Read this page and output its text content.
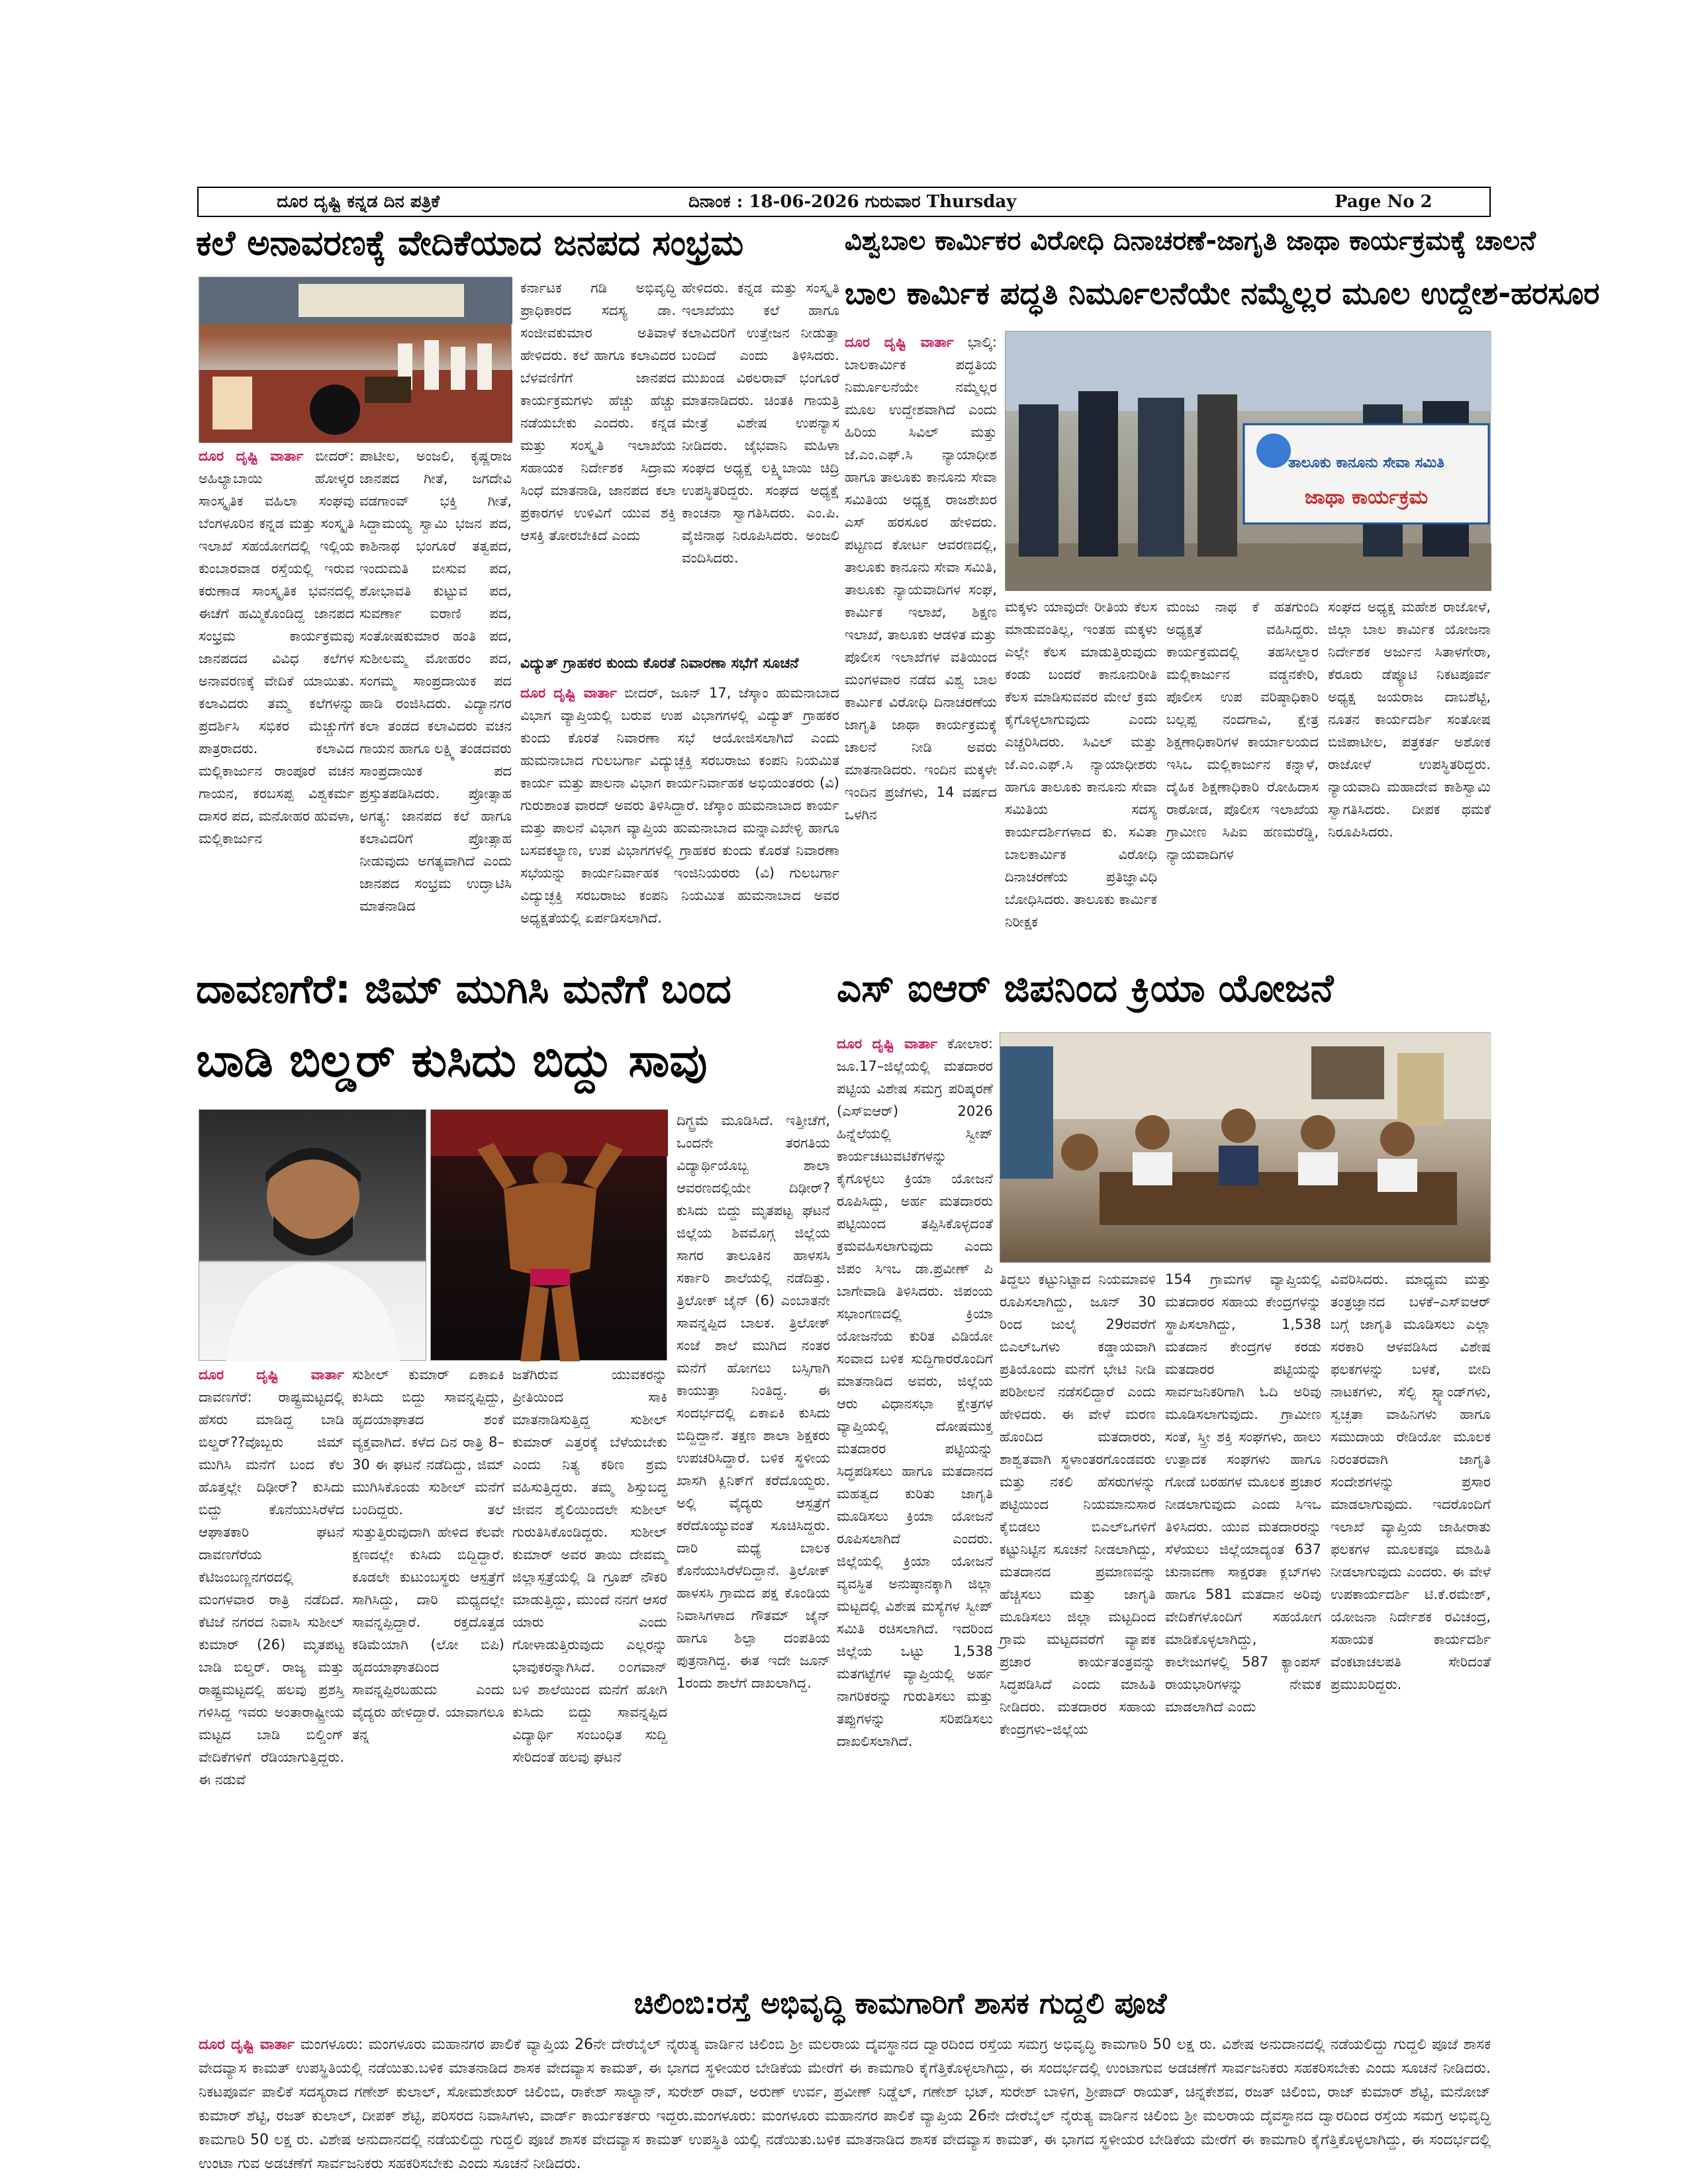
ದೂರ ದೃಷ್ಟಿ ಕನ್ನಡ ದಿನ ಪತ್ರಿಕೆ	ದಿನಾಂಕ : 18-06-2026 ಗುರುವಾರ Thursday	Page No 2
ಕಲೆ ಅನಾವರಣಕ್ಕೆ ವೇದಿಕೆಯಾದ ಜನಪದ ಸಂಭ್ರಮ
ದೂರ ದೃಷ್ಟಿ ವಾರ್ತಾ ಬೀದರ್: ಅಹಿಲ್ಯಾಬಾಯಿ ಹೋಳ್ಕರ ಸಾಂಸ್ಕೃತಿಕ ವಹಿಲಾ ಸಂಘವು ಬೆಂಗಳೂರಿನ ಕನ್ನಡ ಮತ್ತು ಸಂಸ್ಕೃತಿ ಇಲಾಖೆ ಸಹಯೋಗದಲ್ಲಿ ಇಲ್ಲಿಯ ಕುಂಬಾರವಾಡ ರಸ್ತೆಯಲ್ಲಿ ಇರುವ ಕರುಣಾಡ ಸಾಂಸ್ಕೃತಿಕ ಭವನದಲ್ಲಿ ಈಚೆಗೆ ಹಮ್ಮಿಕೊಂಡಿದ್ದ ಜಾನಪದ ಸಂಭ್ರಮ ಕಾರ್ಯಕ್ರಮವು ಜಾನಪದದ ವಿವಿಧ ಕಲೆಗಳ ಅನಾವರಣಕ್ಕೆ ವೇದಿಕೆ ಯಾಯಿತು. ಕಲಾವಿದರು ತಮ್ಮ ಕಲೆಗಳನ್ನು ಪ್ರದರ್ಶಿಸಿ ಸಭಿಕರ ಮೆಚ್ಚುಗೆಗೆ ಪಾತ್ರರಾದರು. ಕಲಾವಿದ ಮಲ್ಲಿಕಾರ್ಜುನ ರಾಂಪೂರೆ ವಚನ ಗಾಯನ, ಕರಬಸಪ್ಪ ವಿಶ್ವಕರ್ಮ ದಾಸರ ಪದ, ಮನೋಹರ ಹುವಳಾ, ಮಲ್ಲಿಕಾರ್ಜುನ
ಪಾಟೀಲ, ಅಂಜಲಿ, ಕೃಷ್ಣರಾಜ ಜಾನಪದ ಗೀತೆ, ಜಗದೇವಿ ವಡಗಾಂವ್ ಭಕ್ತಿ ಗೀತೆ, ಸಿದ್ದಾಮಯ್ಯ ಸ್ವಾಮಿ ಭಜನ ಪದ, ಕಾಶಿನಾಥ ಭಂಗೂರೆ ತತ್ವಪದ, ಇಂದುಮತಿ ಬೀಸುವ ಪದ, ಶೋಭಾವತಿ ಕುಟ್ಟುವ ಪದ, ಸುವರ್ಣಾ ಐರಾಣಿ ಪದ, ಸಂತೋಷಕುಮಾರ ಹಂತಿ ಪದ, ಸುಶೀಲಮ್ಮ ಮೋಹರಂ ಪದ, ಸಂಗಮ್ಮ ಸಾಂಪ್ರದಾಯಿಕ ಪದ ಹಾಡಿ ರಂಜಿಸಿದರು. ವಿದ್ಯಾನಗರ ಕಲಾ ತಂಡದ ಕಲಾವಿದರು ವಚನ ಗಾಯನ ಹಾಗೂ ಲಕ್ಷ್ಮಿ ತಂಡದವರು ಸಾಂಪ್ರದಾಯಿಕ ಪದ ಪ್ರಸ್ತುತಪಡಿಸಿದರು. ಪ್ರೋತ್ಸಾಹ ಅಗತ್ಯ: ಜಾನಪದ ಕಲೆ ಹಾಗೂ ಕಲಾವಿದರಿಗೆ ಪ್ರೋತ್ಸಾಹ ನೀಡುವುದು ಅಗತ್ಯವಾಗಿದೆ ಎಂದು ಜಾನಪದ ಸಂಭ್ರಮ ಉದ್ಘಾಟಿಸಿ ಮಾತನಾಡಿದ
ಕರ್ನಾಟಕ ಗಡಿ ಅಭಿವೃದ್ಧಿ ಪ್ರಾಧಿಕಾರದ ಸದಸ್ಯ ಡಾ. ಸಂಜೀವಕುಮಾರ ಅತಿವಾಳೆ ಹೇಳಿದರು. ಕಲೆ ಹಾಗೂ ಕಲಾವಿದರ ಬೆಳವಣಿಗೆಗೆ ಜಾನಪದ ಕಾರ್ಯಕ್ರಮಗಳು ಹೆಚ್ಚು ಹೆಚ್ಚು ನಡೆಯಬೇಕು ಎಂದರು. ಕನ್ನಡ ಮತ್ತು ಸಂಸ್ಕೃತಿ ಇಲಾಖೆಯ ಸಹಾಯಕ ನಿರ್ದೇಶಕ ಸಿದ್ರಾಮ ಸಿಂಧೆ ಮಾತನಾಡಿ, ಜಾನಪದ ಕಲಾ ಪ್ರಕಾರಗಳ ಉಳಿವಿಗೆ ಯುವ ಶಕ್ತಿ ಆಸಕ್ತಿ ತೋರಬೇಕಿದೆ ಎಂದು
ಹೇಳಿದರು. ಕನ್ನಡ ಮತ್ತು ಸಂಸ್ಕೃತಿ ಇಲಾಖೆಯು ಕಲೆ ಹಾಗೂ ಕಲಾವಿದರಿಗೆ ಉತ್ತೇಜನ ನೀಡುತ್ತಾ ಬಂದಿದೆ ಎಂದು ತಿಳಿಸಿದರು. ಮುಖಂಡ ವಿಠಲರಾವ್ ಭಂಗೂರೆ ಮಾತನಾಡಿದರು. ಚಿಂತಕಿ ಗಾಯತ್ರಿ ಮೇತ್ರೆ ವಿಶೇಷ ಉಪನ್ಯಾಸ ನೀಡಿದರು. ಜೈಭವಾನಿ ಮಹಿಳಾ ಸಂಘದ ಅಧ್ಯಕ್ಷೆ ಲಕ್ಷ್ಮಿಬಾಯಿ ಚಿದ್ರಿ ಉಪಸ್ಥಿತರಿದ್ದರು. ಸಂಘದ ಅಧ್ಯಕ್ಷೆ ಕಾಂಚನಾ ಸ್ವಾಗತಿಸಿದರು. ಎಂ.ಪಿ. ವೈಜಿನಾಥ ನಿರೂಪಿಸಿದರು. ಅಂಜಲಿ ವಂದಿಸಿದರು.
ವಿದ್ಯುತ್ ಗ್ರಾಹಕರ ಕುಂದು ಕೊರತೆ ನಿವಾರಣಾ ಸಭೆಗೆ ಸೂಚನೆ
ದೂರ ದೃಷ್ಟಿ ವಾರ್ತಾ ಬೀದರ್, ಜೂನ್ 17, ಜೆಸ್ಕಾಂ ಹುಮನಾಬಾದ ವಿಭಾಗ ವ್ಯಾಪ್ತಿಯಲ್ಲಿ ಬರುವ ಉಪ ವಿಭಾಗಗಳಲ್ಲಿ ವಿದ್ಯುತ್ ಗ್ರಾಹಕರ ಕುಂದು ಕೊರತೆ ನಿವಾರಣಾ ಸಭೆ ಆಯೋಜಿಸಲಾಗಿದೆ ಎಂದು ಹುಮನಾಬಾದ ಗುಲಬರ್ಗಾ ವಿದ್ಯುಚ್ಛಕ್ತಿ ಸರಬರಾಜು ಕಂಪನಿ ನಿಯಮಿತ ಕಾರ್ಯ ಮತ್ತು ಪಾಲನಾ ವಿಭಾಗ ಕಾರ್ಯನಿರ್ವಾಹಕ ಅಭಿಯಂತರರು (ವಿ) ಗುರುಶಾಂತ ವಾರದ್ ಅವರು ತಿಳಿಸಿದ್ದಾರೆ. ಜೆಸ್ಕಾಂ ಹುಮನಾಬಾದ ಕಾರ್ಯ ಮತ್ತು ಪಾಲನೆ ವಿಭಾಗ ವ್ಯಾಪ್ತಿಯ ಹುಮನಾಬಾದ ಮನ್ನಾಎಖೇಳ್ಳಿ ಹಾಗೂ ಬಸವಕಲ್ಯಾಣ, ಉಪ ವಿಭಾಗಗಳಲ್ಲಿ ಗ್ರಾಹಕರ ಕುಂದು ಕೊರತೆ ನಿವಾರಣಾ ಸಭೆಯನ್ನು ಕಾರ್ಯನಿರ್ವಾಹಕ ಇಂಜಿನಿಯರರು (ವಿ) ಗುಲಬರ್ಗಾ ವಿದ್ಯುಚ್ಛಕ್ತಿ ಸರಬರಾಜು ಕಂಪನಿ ನಿಯಮಿತ ಹುಮನಾಬಾದ ಅವರ ಅಧ್ಯಕ್ಷತೆಯಲ್ಲಿ ಏರ್ಪಡಿಸಲಾಗಿದೆ.
ವಿಶ್ವಬಾಲ ಕಾರ್ಮಿಕರ ವಿರೋಧಿ ದಿನಾಚರಣೆ-ಜಾಗೃತಿ ಜಾಥಾ ಕಾರ್ಯಕ್ರಮಕ್ಕೆ ಚಾಲನೆ
ಬಾಲ ಕಾರ್ಮಿಕ ಪದ್ಧತಿ ನಿರ್ಮೂಲನೆಯೇ ನಮ್ಮೆಲ್ಲರ ಮೂಲ ಉದ್ದೇಶ-ಹರಸೂರ
ದೂರ ದೃಷ್ಟಿ ವಾರ್ತಾ ಭಾಲ್ಕಿ: ಬಾಲಕಾರ್ಮಿಕ ಪದ್ಧತಿಯ ನಿರ್ಮೂಲನೆಯೇ ನಮ್ಮೆಲ್ಲರ ಮೂಲ ಉದ್ದೇಶವಾಗಿದೆ ಎಂದು ಹಿರಿಯ ಸಿವಿಲ್ ಮತ್ತು ಜೆ.ಎಂ.ಎಫ್.ಸಿ ನ್ಯಾಯಾಧೀಶ ಹಾಗೂ ತಾಲೂಕು ಕಾನೂನು ಸೇವಾ ಸಮಿತಿಯ ಅಧ್ಯಕ್ಷ ರಾಜಶೇಖರ ಎಸ್ ಹರಸೂರ ಹೇಳಿದರು. ಪಟ್ಟಣದ ಕೋರ್ಟ ಆವರಣದಲ್ಲಿ, ತಾಲೂಕು ಕಾನೂನು ಸೇವಾ ಸಮಿತಿ, ತಾಲೂಕು ನ್ಯಾಯವಾದಿಗಳ ಸಂಘ, ಕಾರ್ಮಿಕ ಇಲಾಖೆ, ಶಿಕ್ಷಣ ಇಲಾಖೆ, ತಾಲೂಕು ಆಡಳಿತ ಮತ್ತು ಪೊಲೀಸ ಇಲಾಖೆಗಳ ವತಿಯಿಂದ ಮಂಗಳವಾರ ನಡೆದ ವಿಶ್ವ ಬಾಲ ಕಾರ್ಮಿಕ ವಿರೋಧಿ ದಿನಾಚರಣೆಯ ಜಾಗೃತಿ ಜಾಥಾ ಕಾರ್ಯಕ್ರಮಕ್ಕೆ ಚಾಲನೆ ನೀಡಿ ಅವರು ಮಾತನಾಡಿದರು. ಇಂದಿನ ಮಕ್ಕಳೇ ಇಂದಿನ ಪ್ರಜೆಗಳು, 14 ವರ್ಷದ ಒಳಗಿನ
ತಾಲೂಕು ಕಾನೂನು ಸೇವಾ ಸಮಿತಿ
ಜಾಥಾ ಕಾರ್ಯಕ್ರಮ
ಮಕ್ಕಳು ಯಾವುದೇ ರೀತಿಯ ಕೆಲಸ ಮಾಡುವಂತಿಲ್ಲ, ಇಂತಹ ಮಕ್ಕಳು ಎಲ್ಲೇ ಕೆಲಸ ಮಾಡುತ್ತಿರುವುದು ಕಂಡು ಬಂದರೆ ಕಾನೂನುರೀತಿ ಕೆಲಸ ಮಾಡಿಸುವವರ ಮೇಲೆ ಕ್ರಮ ಕೈಗೊಳ್ಳಲಾಗುವುದು ಎಂದು ಎಚ್ಚರಿಸಿದರು. ಸಿವಿಲ್ ಮತ್ತು ಜೆ.ಎಂ.ಎಫ್.ಸಿ ನ್ಯಾಯಾಧೀಶರು ಹಾಗೂ ತಾಲೂಕು ಕಾನೂನು ಸೇವಾ ಸಮಿತಿಯ ಸದಸ್ಯ ಕಾರ್ಯದರ್ಶಿಗಳಾದ ಕು. ಸವಿತಾ ಬಾಲಕಾರ್ಮಿಕ ವಿರೋಧಿ ದಿನಾಚರಣೆಯ ಪ್ರತಿಜ್ಞಾವಿಧಿ ಬೋಧಿಸಿದರು. ತಾಲೂಕು ಕಾರ್ಮಿಕ ನಿರೀಕ್ಷಕ
ಮಂಜು ನಾಥ ಕೆ ಹತಗುಂದಿ ಅಧ್ಯಕ್ಷತೆ ವಹಿಸಿದ್ದರು. ಕಾರ್ಯಕ್ರಮದಲ್ಲಿ ತಹಸೀಲ್ದಾರ ಮಲ್ಲಿಕಾರ್ಜುನ ವಡ್ಡನಕೇರಿ, ಪೊಲೀಸ ಉಪ ವರಿಷ್ಠಾಧಿಕಾರಿ ಬಲ್ಲಪ್ಪ ನಂದಗಾವಿ, ಕ್ಷೇತ್ರ ಶಿಕ್ಷಣಾಧಿಕಾರಿಗಳ ಕಾರ್ಯಾಲಯದ ಇಸಿಒ ಮಲ್ಲಿಕಾರ್ಜುನ ಕನ್ನಾಳೆ, ದೈಹಿಕ ಶಿಕ್ಷಣಾಧಿಕಾರಿ ರೋಹಿದಾಸ ರಾಠೋಡ, ಪೊಲೀಸ ಇಲಾಖೆಯ ಗ್ರಾಮೀಣ ಸಿಪಿಐ ಹಣಮರೆಡ್ಡಿ, ನ್ಯಾಯವಾದಿಗಳ
ಸಂಘದ ಅಧ್ಯಕ್ಷ ಮಹೇಶ ರಾಜೋಳೆ, ಜಿಲ್ಲಾ ಬಾಲ ಕಾರ್ಮಿಕ ಯೋಜನಾ ನಿರ್ದೇಶಕ ಅರ್ಜುನ ಸಿತಾಳಗೇರಾ, ಕೆರೂರು ಡೆಪ್ಯೂಟಿ ನಿಕಟಪೂರ್ವ ಅಧ್ಯಕ್ಷ ಜಯರಾಜ ದಾಬಶೆಟ್ಟಿ, ನೂತನ ಕಾರ್ಯದರ್ಶಿ ಸಂತೋಷ ಬಿಜಿಪಾಟೀಲ, ಪತ್ರಕರ್ತ ಅಶೋಕ ರಾಜೋಳೆ ಉಪಸ್ಥಿತರಿದ್ದರು. ನ್ಯಾಯವಾದಿ ಮಹಾದೇವ ಕಾಶಿಸ್ವಾಮಿ ಸ್ವಾಗತಿಸಿದರು. ದೀಪಕ ಥಮಕೆ ನಿರೂಪಿಸಿದರು.
ದಾವಣಗೆರೆ: ಜಿಮ್ ಮುಗಿಸಿ ಮನೆಗೆ ಬಂದ
ಬಾಡಿ ಬಿಲ್ಡರ್ ಕುಸಿದು ಬಿದ್ದು ಸಾವು
ದೂರ ದೃಷ್ಟಿ ವಾರ್ತಾ ದಾವಣಗೆರೆ: ರಾಷ್ಟ್ರಮಟ್ಟದಲ್ಲಿ ಹೆಸರು ಮಾಡಿದ್ದ ಬಾಡಿ ಬಿಲ್ಡರ್??ವೊಬ್ಬರು ಜಿಮ್ ಮುಗಿಸಿ ಮನೆಗೆ ಬಂದ ಕೆಲ ಹೊತ್ತಲ್ಲೇ ದಿಢೀರ್? ಕುಸಿದು ಬಿದ್ದು ಕೊನೆಯುಸಿರೆಳೆದ ಆಘಾತಕಾರಿ ಘಟನೆ ದಾವಣಗೆರೆಯ ಕೆಟಿಜಂಬಣ್ಣನಗರದಲ್ಲಿ ಮಂಗಳವಾರ ರಾತ್ರಿ ನಡೆದಿದೆ. ಕೆಟಿಜೆ ನಗರದ ನಿವಾಸಿ ಸುಶೀಲ್ ಕುಮಾರ್ (26) ಮೃತಪಟ್ಟ ಬಾಡಿ ಬಿಲ್ಡರ್. ರಾಜ್ಯ ಮತ್ತು ರಾಷ್ಟ್ರಮಟ್ಟದಲ್ಲಿ ಹಲವು ಪ್ರಶಸ್ತಿ ಗಳಿಸಿದ್ದ ಇವರು ಅಂತಾರಾಷ್ಟ್ರೀಯ ಮಟ್ಟದ ಬಾಡಿ ಬಿಲ್ಡಿಂಗ್ ವೇದಿಕೆಗಳಿಗೆ ರೆಡಿಯಾಗುತ್ತಿದ್ದರು. ಈ ನಡುವೆ
ಸುಶೀಲ್ ಕುಮಾರ್ ಏಕಾಏಕಿ ಕುಸಿದು ಬಿದ್ದು ಸಾವನ್ನಪ್ಪಿದ್ದು, ಹೃದಯಾಘಾತದ ಶಂಕೆ ವ್ಯಕ್ತವಾಗಿದೆ. ಕಳೆದ ದಿನ ರಾತ್ರಿ 8–30 ಈ ಘಟನೆ ನಡೆದಿದ್ದು, ಜಿಮ್ ಮುಗಿಸಿಕೊಂಡು ಸುಶೀಲ್ ಮನೆಗೆ ಬಂದಿದ್ದರು. ತಲೆ ಸುತ್ತುತ್ತಿರುವುದಾಗಿ ಹೇಳಿದ ಕೆಲವೇ ಕ್ಷಣದಲ್ಲೇ ಕುಸಿದು ಬಿದ್ದಿದ್ದಾರೆ. ಕೂಡಲೇ ಕುಟುಂಬಸ್ಥರು ಆಸ್ಪತ್ರೆಗೆ ಸಾಗಿಸಿದ್ದು, ದಾರಿ ಮಧ್ಯದಲ್ಲೇ ಸಾವನ್ನಪ್ಪಿದ್ದಾರೆ. ರಕ್ತದೊತ್ತಡ ಕಡಿಮೆಯಾಗಿ (ಲೋ ಬಿಪಿ) ಹೃದಯಾಘಾತದಿಂದ ಸಾವನ್ನಪ್ಪಿರಬಹುದು ಎಂದು ವೈದ್ಯರು ಹೇಳಿದ್ದಾರೆ. ಯಾವಾಗಲೂ ತನ್ನ
ಜತೆಗಿರುವ ಯುವಕರನ್ನು ಪ್ರೀತಿಯಿಂದ ಸಾಕಿ ಮಾತನಾಡಿಸುತ್ತಿದ್ದ ಸುಶೀಲ್ ಕುಮಾರ್ ಎತ್ತರಕ್ಕೆ ಬೆಳೆಯಬೇಕು ಎಂದು ನಿತ್ಯ ಕಠಿಣ ಶ್ರಮ ವಹಿಸುತ್ತಿದ್ದರು. ತಮ್ಮ ಶಿಸ್ತುಬದ್ಧ ಜೀವನ ಶೈಲಿಯಿಂದಲೇ ಸುಶೀಲ್ ಗುರುತಿಸಿಕೊಂಡಿದ್ದರು. ಸುಶೀಲ್ ಕುಮಾರ್ ಅವರ ತಾಯಿ ದೇವಮ್ಮ ಜಿಲ್ಲಾಸ್ಪತ್ರೆಯಲ್ಲಿ ಡಿ ಗ್ರೂಪ್ ನೌಕರಿ ಮಾಡುತ್ತಿದ್ದು, ಮುಂದೆ ನನಗೆ ಆಸರೆ ಯಾರು ಎಂದು ಗೋಳಾಡುತ್ತಿರುವುದು ಎಲ್ಲರನ್ನು ಭಾವುಕರನ್ನಾಗಿಸಿದೆ. ೦೦ಗವಾನ್ ಬಳಿ ಶಾಲೆಯಿಂದ ಮನೆಗೆ ಹೋಗಿ ಕುಸಿದು ಬಿದ್ದು ಸಾವನ್ನಪ್ಪಿದ ವಿದ್ಯಾರ್ಥಿ ಸಂಬಂಧಿತ ಸುದ್ದಿ ಸೇರಿದಂತೆ ಹಲವು ಘಟನೆ
ದಿಗ್ಭ್ರಮೆ ಮೂಡಿಸಿದೆ. ಇತ್ತೀಚೆಗೆ, ಒಂದನೇ ತರಗತಿಯ ವಿದ್ಯಾರ್ಥಿಯೊಬ್ಬ ಶಾಲಾ ಆವರಣದಲ್ಲಿಯೇ ದಿಢೀರ್? ಕುಸಿದು ಬಿದ್ದು ಮೃತಪಟ್ಟ ಘಟನೆ ಜಿಲ್ಲೆಯ ಶಿವಮೊಗ್ಗ ಜಿಲ್ಲೆಯ ಸಾಗರ ತಾಲೂಕಿನ ಹಾಳಸಸಿ ಸರ್ಕಾರಿ ಶಾಲೆಯಲ್ಲಿ ನಡೆದಿತ್ತು. ತ್ರಿಲೋಕ್ ಜೈನ್ (6) ಎಂಬಾತನೇ ಸಾವನ್ನಪ್ಪಿದ ಬಾಲಕ. ತ್ರಿಲೋಕ್ ಸಂಜೆ ಶಾಲೆ ಮುಗಿದ ನಂತರ ಮನೆಗೆ ಹೋಗಲು ಬಸ್ಸಿಗಾಗಿ ಕಾಯುತ್ತಾ ನಿಂತಿದ್ದ. ಈ ಸಂದರ್ಭದಲ್ಲಿ ಏಕಾಏಕಿ ಕುಸಿದು ಬಿದ್ದಿದ್ದಾನೆ. ತಕ್ಷಣ ಶಾಲಾ ಶಿಕ್ಷಕರು ಉಪಚರಿಸಿದ್ದಾರೆ. ಬಳಿಕ ಸ್ಥಳೀಯ ಖಾಸಗಿ ಕ್ಲಿನಿಕ್‌ಗೆ ಕರೆದೊಯ್ದರು. ಅಲ್ಲಿ ವೈದ್ಯರು ಆಸ್ಪತ್ರೆಗೆ ಕರೆದೊಯ್ಯುವಂತೆ ಸೂಚಿಸಿದ್ದರು. ದಾರಿ ಮಧ್ಯೆ ಬಾಲಕ ಕೊನೆಯುಸಿರೆಳೆದಿದ್ದಾನೆ. ತ್ರಿಲೋಕ್ ಹಾಳಸಸಿ ಗ್ರಾಮದ ಪಕ್ಷ ಕೊಂಡಿಯ ನಿವಾಸಿಗಳಾದ ಗೌತಮ್ ಜೈನ್ ಹಾಗೂ ಶಿಲ್ಪಾ ದಂಪತಿಯ ಪುತ್ರನಾಗಿದ್ದ. ಈತ ಇದೇ ಜೂನ್ 1ರಂದು ಶಾಲೆಗೆ ದಾಖಲಾಗಿದ್ದ.
ಎಸ್ ಐಆರ್ ಜಿಪನಿಂದ ಕ್ರಿಯಾ ಯೋಜನೆ
ದೂರ ದೃಷ್ಟಿ ವಾರ್ತಾ ಕೋಲಾರ: ಜೂ.17–ಜಿಲ್ಲೆಯಲ್ಲಿ ಮತದಾರರ ಪಟ್ಟಿಯ ವಿಶೇಷ ಸಮಗ್ರ ಪರಿಷ್ಕರಣೆ (ಎಸ್‌ಐಆರ್) 2026 ಹಿನ್ನೆಲೆಯಲ್ಲಿ ಸ್ವೀಪ್ ಕಾರ್ಯಚಟುವಟಿಕೆಗಳನ್ನು ಕೈಗೊಳ್ಳಲು ಕ್ರಿಯಾ ಯೋಜನೆ ರೂಪಿಸಿದ್ದು, ಅರ್ಹ ಮತದಾರರು ಪಟ್ಟಿಯಿಂದ ತಪ್ಪಿಸಿಕೊಳ್ಳದಂತೆ ಕ್ರಮವಹಿಸಲಾಗುವುದು ಎಂದು ಜಿಪಂ ಸಿಇಒ ಡಾ.ಪ್ರವೀಣ್ ಪಿ ಬಾಗೇವಾಡಿ ತಿಳಿಸಿದರು. ಜಿಪಂಯ ಸಭಾಂಗಣದಲ್ಲಿ ಕ್ರಿಯಾ ಯೋಜನೆಯ ಕುರಿತ ವಿಡಿಯೋ ಸಂವಾದ ಬಳಿಕ ಸುದ್ದಿಗಾರರೊಂದಿಗೆ ಮಾತನಾಡಿದ ಅವರು, ಜಿಲ್ಲೆಯ ಆರು ವಿಧಾನಸಭಾ ಕ್ಷೇತ್ರಗಳ ವ್ಯಾಪ್ತಿಯಲ್ಲಿ ದೋಷಮುಕ್ತ ಮತದಾರರ ಪಟ್ಟಿಯನ್ನು ಸಿದ್ಧಪಡಿಸಲು ಹಾಗೂ ಮತದಾನದ ಮಹತ್ವದ ಕುರಿತು ಜಾಗೃತಿ ಮೂಡಿಸಲು ಕ್ರಿಯಾ ಯೋಜನೆ ರೂಪಿಸಲಾಗಿದೆ ಎಂದರು. ಜಿಲ್ಲೆಯಲ್ಲಿ ಕ್ರಿಯಾ ಯೋಜನೆ ವ್ಯವಸ್ಥಿತ ಅನುಷ್ಠಾನಕ್ಕಾಗಿ ಜಿಲ್ಲಾ ಮಟ್ಟದಲ್ಲಿ ವಿಶೇಷ ಮಸ್ಯೆಗಳ ಸ್ವೀಪ್ ಸಮಿತಿ ರಚಿಸಲಾಗಿದೆ. ಇದರಿಂದ ಜಿಲ್ಲೆಯ ಒಟ್ಟು 1,538 ಮತಗಟ್ಟೆಗಳ ವ್ಯಾಪ್ತಿಯಲ್ಲಿ ಅರ್ಹ ನಾಗರಿಕರನ್ನು ಗುರುತಿಸಲು ಮತ್ತು ತಪ್ಪುಗಳನ್ನು ಸರಿಪಡಿಸಲು ದಾಖಲಿಸಲಾಗಿದೆ.
ತಿದ್ದಲು ಕಟ್ಟುನಿಟ್ಟಾದ ನಿಯಮಾವಳಿ ರೂಪಿಸಲಾಗಿದ್ದು, ಜೂನ್ 30 ರಿಂದ ಜುಲೈ 29ರವರೆಗೆ ಬಿಎಲ್‌ಒಗಳು ಕಡ್ಡಾಯವಾಗಿ ಪ್ರತಿಯೊಂದು ಮನೆಗೆ ಭೇಟಿ ನೀಡಿ ಪರಿಶೀಲನೆ ನಡೆಸಲಿದ್ದಾರೆ ಎಂದು ಹೇಳಿದರು. ಈ ವೇಳೆ ಮರಣ ಹೊಂದಿದ ಮತದಾರರು, ಶಾಶ್ವತವಾಗಿ ಸ್ಥಳಾಂತರಗೊಂಡವರು ಮತ್ತು ನಕಲಿ ಹೆಸರುಗಳನ್ನು ಪಟ್ಟಿಯಿಂದ ನಿಯಮಾನುಸಾರ ಕೈಬಿಡಲು ಬಿಎಲ್‌ಒಗಳಿಗೆ ಕಟ್ಟುನಿಟ್ಟಿನ ಸೂಚನೆ ನೀಡಲಾಗಿದ್ದು, ಮತದಾನದ ಪ್ರಮಾಣವನ್ನು ಹೆಚ್ಚಿಸಲು ಮತ್ತು ಜಾಗೃತಿ ಮೂಡಿಸಲು ಜಿಲ್ಲಾ ಮಟ್ಟದಿಂದ ಗ್ರಾಮ ಮಟ್ಟದವರೆಗೆ ವ್ಯಾಪಕ ಪ್ರಚಾರ ಕಾರ್ಯತಂತ್ರವನ್ನು ಸಿದ್ಧಪಡಿಸಿದೆ ಎಂದು ಮಾಹಿತಿ ನೀಡಿದರು. ಮತದಾರರ ಸಹಾಯ ಕೇಂದ್ರಗಳು–ಜಿಲ್ಲೆಯ
154 ಗ್ರಾಮಗಳ ವ್ಯಾಪ್ತಿಯಲ್ಲಿ ಮತದಾರರ ಸಹಾಯ ಕೇಂದ್ರಗಳನ್ನು ಸ್ಥಾಪಿಸಲಾಗಿದ್ದು, 1,538 ಮತದಾನ ಕೇಂದ್ರಗಳ ಕರಡು ಮತದಾರರ ಪಟ್ಟಿಯನ್ನು ಸಾರ್ವಜನಿಕರಿಗಾಗಿ ಓದಿ ಅರಿವು ಮೂಡಿಸಲಾಗುವುದು. ಗ್ರಾಮೀಣ ಸಂತೆ, ಸ್ತ್ರೀ ಶಕ್ತಿ ಸಂಘಗಳು, ಹಾಲು ಉತ್ಪಾದಕ ಸಂಘಗಳು ಹಾಗೂ ಗೋಡೆ ಬರಹಗಳ ಮೂಲಕ ಪ್ರಚಾರ ನೀಡಲಾಗುವುದು ಎಂದು ಸಿಇಒ ತಿಳಿಸಿದರು. ಯುವ ಮತದಾರರನ್ನು ಸೆಳೆಯಲು ಜಿಲ್ಲೆಯಾದ್ಯಂತ 637 ಚುನಾವಣಾ ಸಾಕ್ಷರತಾ ಕ್ಲಬ್‌ಗಳು ಹಾಗೂ 581 ಮತದಾನ ಅರಿವು ವೇದಿಕೆಗಳೊಂದಿಗೆ ಸಹಯೋಗ ಮಾಡಿಕೊಳ್ಳಲಾಗಿದ್ದು, ಕಾಲೇಜುಗಳಲ್ಲಿ 587 ಕ್ಯಾಂಪಸ್ ರಾಯಭಾರಿಗಳನ್ನು ನೇಮಕ ಮಾಡಲಾಗಿದೆ ಎಂದು
ವಿವರಿಸಿದರು. ಮಾಧ್ಯಮ ಮತ್ತು ತಂತ್ರಜ್ಞಾನದ ಬಳಕೆ–ಎಸ್‌ಐಆರ್ ಬಗ್ಗೆ ಜಾಗೃತಿ ಮೂಡಿಸಲು ಎಲ್ಲಾ ಸರಕಾರಿ ಆಳವಡಿಸಿದ ವಿಶೇಷ ಫಲಕಗಳನ್ನು ಬಳಕೆ, ಬೀದಿ ನಾಟಕಗಳು, ಸೆಲ್ಫಿ ಸ್ಟ್ಯಾಂಡ್‌ಗಳು, ಸ್ವಚ್ಛತಾ ವಾಹಿನಿಗಳು ಹಾಗೂ ಸಮುದಾಯ ರೇಡಿಯೋ ಮೂಲಕ ನಿರಂತರವಾಗಿ ಜಾಗೃತಿ ಸಂದೇಶಗಳನ್ನು ಪ್ರಸಾರ ಮಾಡಲಾಗುವುದು. ಇದರೊಂದಿಗೆ ಇಲಾಖೆ ವ್ಯಾಪ್ತಿಯ ಜಾಹೀರಾತು ಫಲಕಗಳ ಮೂಲಕವೂ ಮಾಹಿತಿ ನೀಡಲಾಗುವುದು ಎಂದರು. ಈ ವೇಳೆ ಉಪಕಾರ್ಯದರ್ಶಿ ಟಿ.ಕೆ.ರಮೇಶ್, ಯೋಜನಾ ನಿರ್ದೇಶಕ ರವಿಚಂದ್ರ, ಸಹಾಯಕ ಕಾರ್ಯದರ್ಶಿ ವೆಂಕಟಾಚಲಪತಿ ಸೇರಿದಂತೆ ಪ್ರಮುಖರಿದ್ದರು.
ಚಿಲಿಂಬಿ:ರಸ್ತೆ ಅಭಿವೃದ್ಧಿ ಕಾಮಗಾರಿಗೆ ಶಾಸಕ ಗುದ್ದಲಿ ಪೂಜೆ
ದೂರ ದೃಷ್ಟಿ ವಾರ್ತಾ ಮಂಗಳೂರು: ಮಂಗಳೂರು ಮಹಾನಗರ ಪಾಲಿಕೆ ವ್ಯಾಪ್ತಿಯ 26ನೇ ದೇರೆಬೈಲ್ ನೈರುತ್ಯ ವಾರ್ಡಿನ ಚಿಲಿಂಬಿ ಶ್ರೀ ಮಲರಾಯ ದೈವಸ್ಥಾನದ ದ್ವಾರದಿಂದ ರಸ್ತೆಯ ಸಮಗ್ರ ಅಭಿವೃದ್ಧಿ ಕಾಮಗಾರಿ 50 ಲಕ್ಷ ರು. ವಿಶೇಷ ಅನುದಾನದಲ್ಲಿ ನಡೆಯಲಿದ್ದು ಗುದ್ದಲಿ ಪೂಜೆ ಶಾಸಕ ವೇದವ್ಯಾಸ ಕಾಮತ್ ಉಪಸ್ಥಿತಿಯಲ್ಲಿ ನಡೆಯಿತು.ಬಳಿಕ ಮಾತನಾಡಿದ ಶಾಸಕ ವೇದವ್ಯಾಸ ಕಾಮತ್, ಈ ಭಾಗದ ಸ್ಥಳೀಯರ ಬೇಡಿಕೆಯ ಮೇರೆಗೆ ಈ ಕಾಮಗಾರಿ ಕೈಗೆತ್ತಿಕೊಳ್ಳಲಾಗಿದ್ದು, ಈ ಸಂದರ್ಭದಲ್ಲಿ ಉಂಟಾಗುವ ಅಡಚಣೆಗೆ ಸಾರ್ವಜನಿಕರು ಸಹಕರಿಸಬೇಕು ಎಂದು ಸೂಚನೆ ನೀಡಿದರು. ನಿಕಟಪೂರ್ವ ಪಾಲಿಕೆ ಸದಸ್ಯರಾದ ಗಣೇಶ್ ಕುಲಾಲ್, ಸೋಮಶೇಖರ್ ಚಿಲಿಂಬಿ, ರಾಕೇಶ್ ಸಾಲ್ಯಾನ್, ಸುರೇಶ್ ರಾವ್, ಅರುಣ್ ಉರ್ವ, ಪ್ರವೀಣ್ ನಿಡ್ಡೆಲ್, ಗಣೇಶ್ ಭಟ್, ಸುರೇಶ್ ಬಾಳಿಗ, ಶ್ರೀಪಾದ್ ರಾಯತ್, ಚಿನ್ನಕೇಶವ, ರಜತ್ ಚಿಲಿಂಬಿ, ರಾಜ್ ಕುಮಾರ್ ಶೆಟ್ಟಿ, ಮನೋಜ್ ಕುಮಾರ್ ಶೆಟ್ಟಿ, ರಜತ್ ಕುಲಾಲ್, ದೀಪಕ್ ಶೆಟ್ಟಿ, ಪರಿಸರದ ನಿವಾಸಿಗಳು, ವಾರ್ಡ್ ಕಾರ್ಯಕರ್ತರು ಇದ್ದರು.ಮಂಗಳೂರು: ಮಂಗಳೂರು ಮಹಾನಗರ ಪಾಲಿಕೆ ವ್ಯಾಪ್ತಿಯ 26ನೇ ದೇರೆಬೈಲ್ ನೈರುತ್ಯ ವಾರ್ಡಿನ ಚಿಲಿಂಬಿ ಶ್ರೀ ಮಲರಾಯ ದೈವಸ್ಥಾನದ ದ್ವಾರದಿಂದ ರಸ್ತೆಯ ಸಮಗ್ರ ಅಭಿವೃದ್ಧಿ ಕಾಮಗಾರಿ 50 ಲಕ್ಷ ರು. ವಿಶೇಷ ಅನುದಾನದಲ್ಲಿ ನಡೆಯಲಿದ್ದು ಗುದ್ದಲಿ ಪೂಜೆ ಶಾಸಕ ವೇದವ್ಯಾಸ ಕಾಮತ್ ಉಪಸ್ಥಿತಿ ಯಲ್ಲಿ ನಡೆಯಿತು.ಬಳಿಕ ಮಾತನಾಡಿದ ಶಾಸಕ ವೇದವ್ಯಾಸ ಕಾಮತ್, ಈ ಭಾಗದ ಸ್ಥಳೀಯರ ಬೇಡಿಕೆಯ ಮೇರೆಗೆ ಈ ಕಾಮಗಾರಿ ಕೈಗೆತ್ತಿಕೊಳ್ಳಲಾಗಿದ್ದು, ಈ ಸಂದರ್ಭದಲ್ಲಿ ಉಂಟಾ ಗುವ ಅಡಚಣೆಗೆ ಸಾರ್ವಜನಿಕರು ಸಹಕರಿಸಬೇಕು ಎಂದು ಸೂಚನೆ ನೀಡಿದರು.
